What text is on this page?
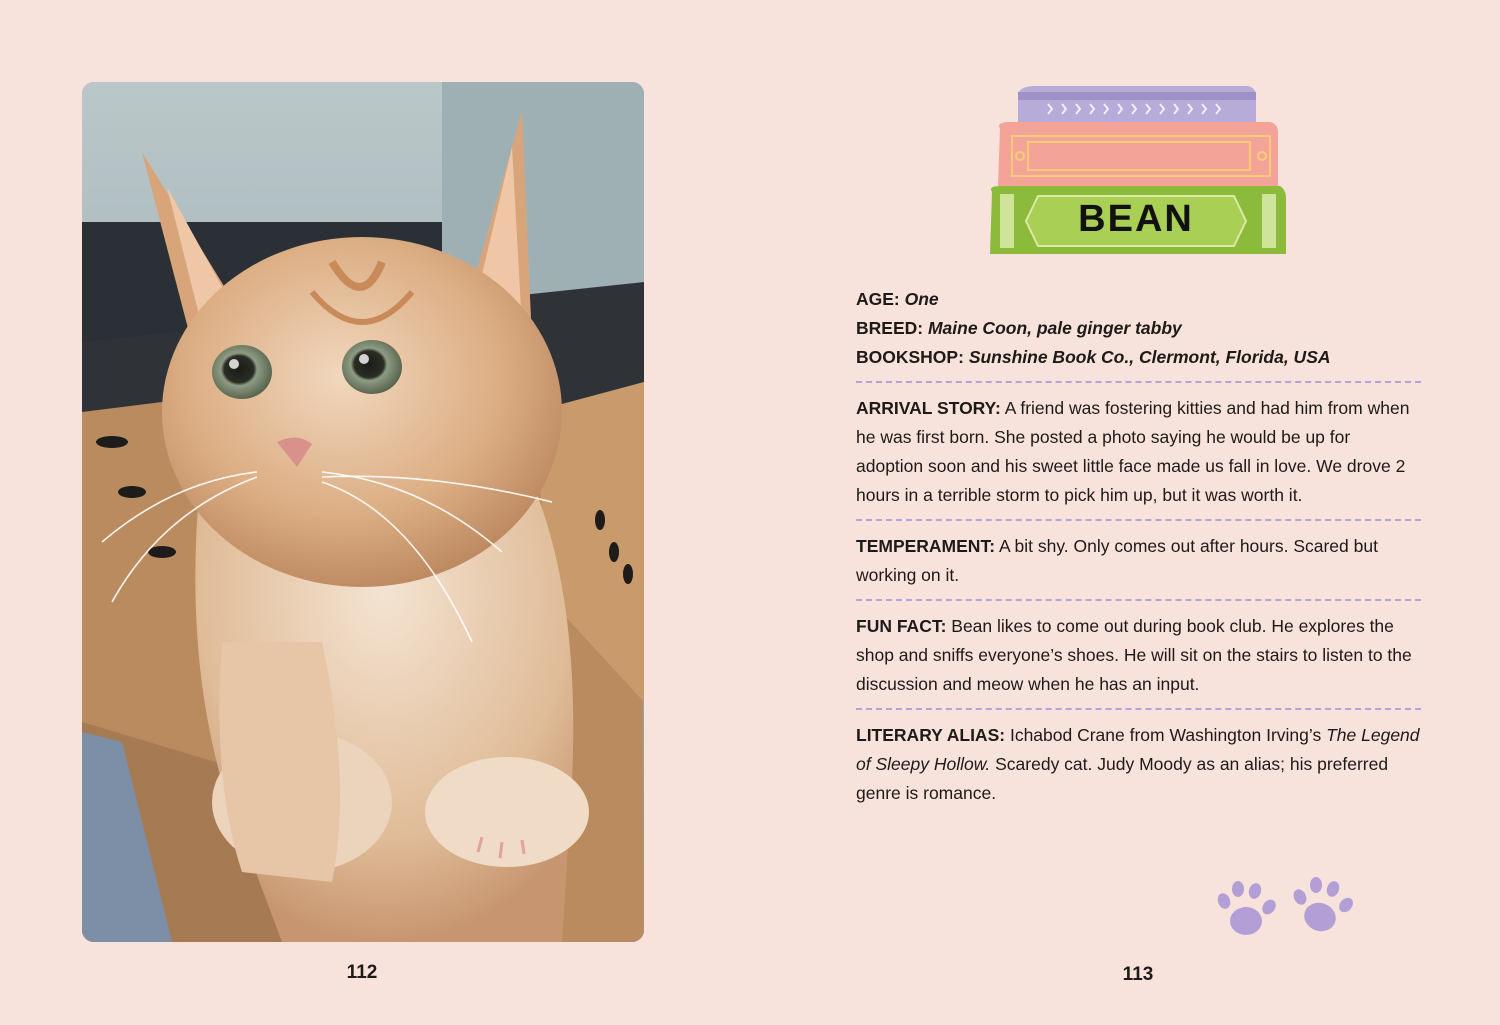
112
BEAN
AGE: One
BREED: Maine Coon, pale ginger tabby
BOOKSHOP: Sunshine Book Co., Clermont, Florida, USA

ARRIVAL STORY: A friend was fostering kitties and had him from when he was first born. She posted a photo saying he would be up for adoption soon and his sweet little face made us fall in love. We drove 2 hours in a terrible storm to pick him up, but it was worth it.

TEMPERAMENT: A bit shy. Only comes out after hours. Scared but working on it.

FUN FACT: Bean likes to come out during book club. He explores the shop and sniffs everyone’s shoes. He will sit on the stairs to listen to the discussion and meow when he has an input.

LITERARY ALIAS: Ichabod Crane from Washington Irving’s The Legend of Sleepy Hollow. Scaredy cat. Judy Moody as an alias; his preferred genre is romance.

113
